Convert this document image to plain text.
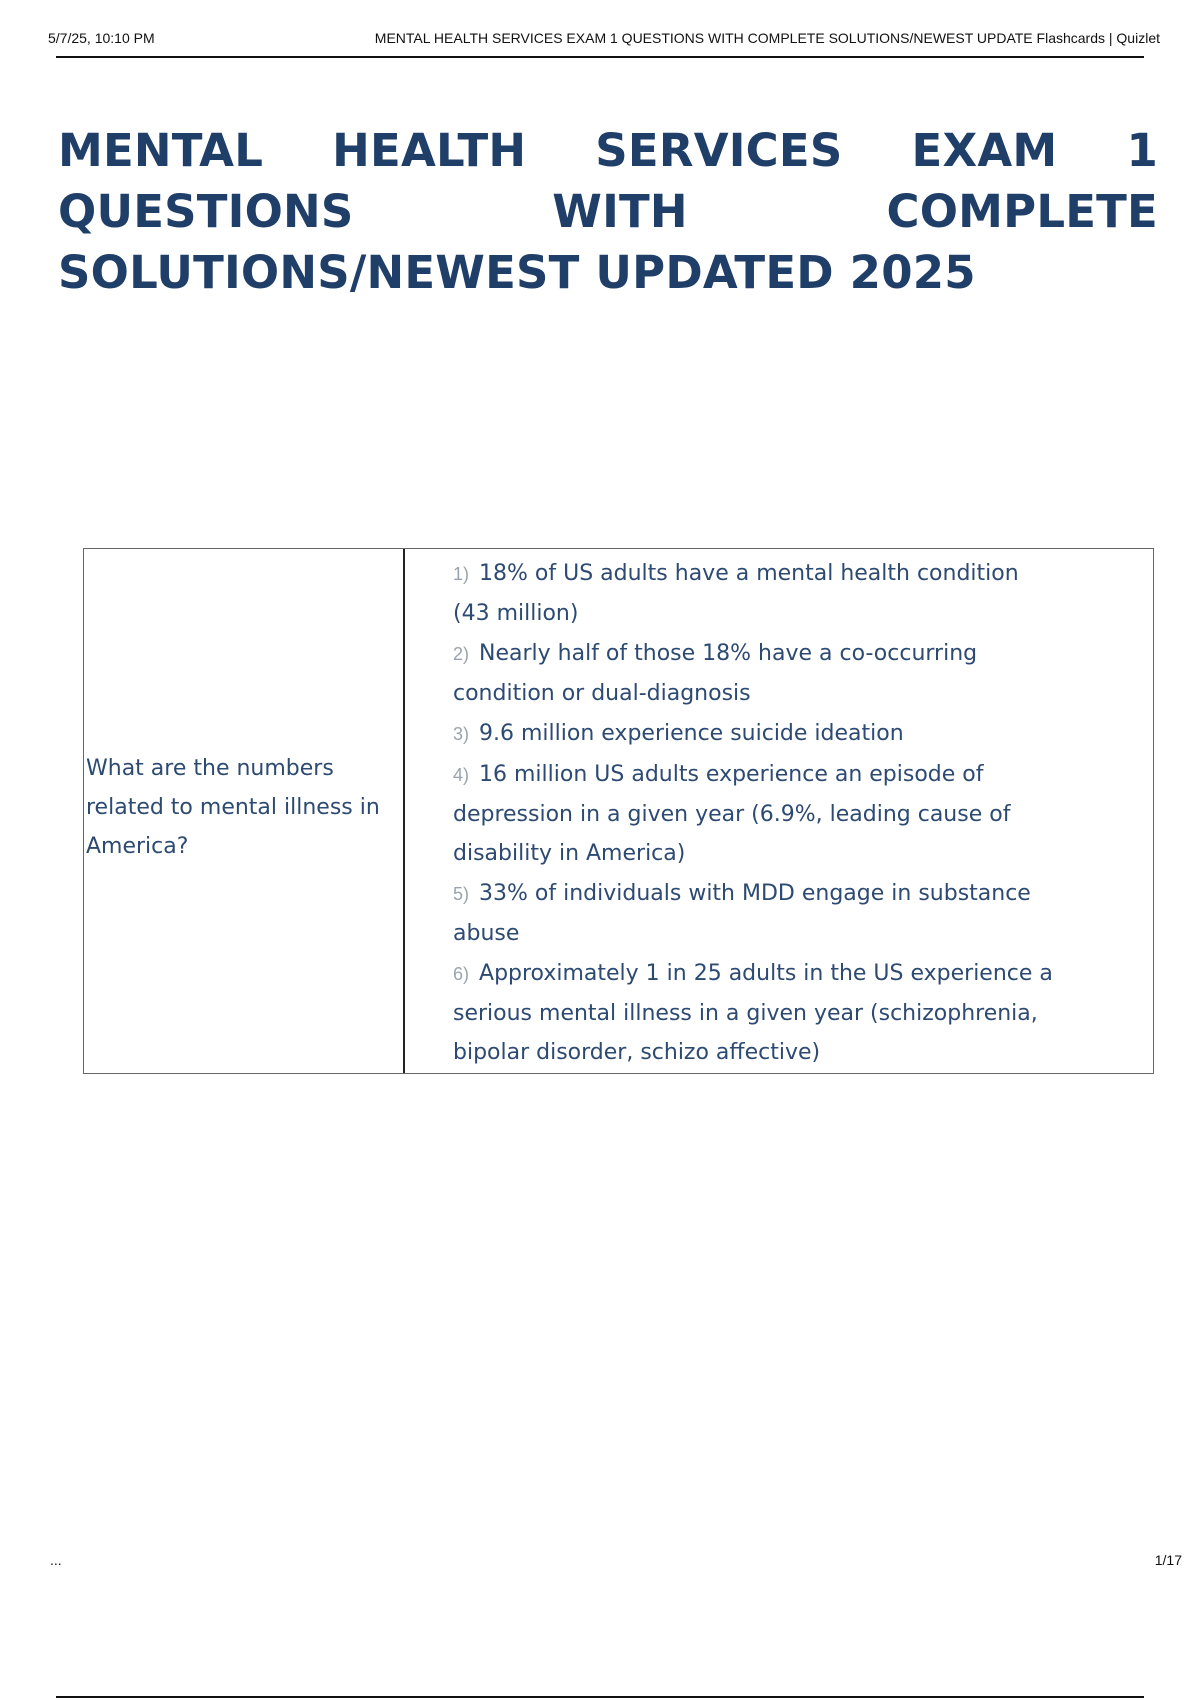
5/7/25, 10:10 PM	MENTAL HEALTH SERVICES EXAM 1 QUESTIONS WITH COMPLETE SOLUTIONS/NEWEST UPDATE Flashcards | Quizlet
MENTAL HEALTH SERVICES EXAM 1 QUESTIONS WITH COMPLETE SOLUTIONS/NEWEST UPDATED 2025
What are the numbers related to mental illness in America?
1) 18% of US adults have a mental health condition (43 million)
2) Nearly half of those 18% have a co-occurring condition or dual-diagnosis
3) 9.6 million experience suicide ideation
4) 16 million US adults experience an episode of depression in a given year (6.9%, leading cause of disability in America)
5) 33% of individuals with MDD engage in substance abuse
6) Approximately 1 in 25 adults in the US experience a serious mental illness in a given year (schizophrenia, bipolar disorder, schizo affective)
...	1/17
